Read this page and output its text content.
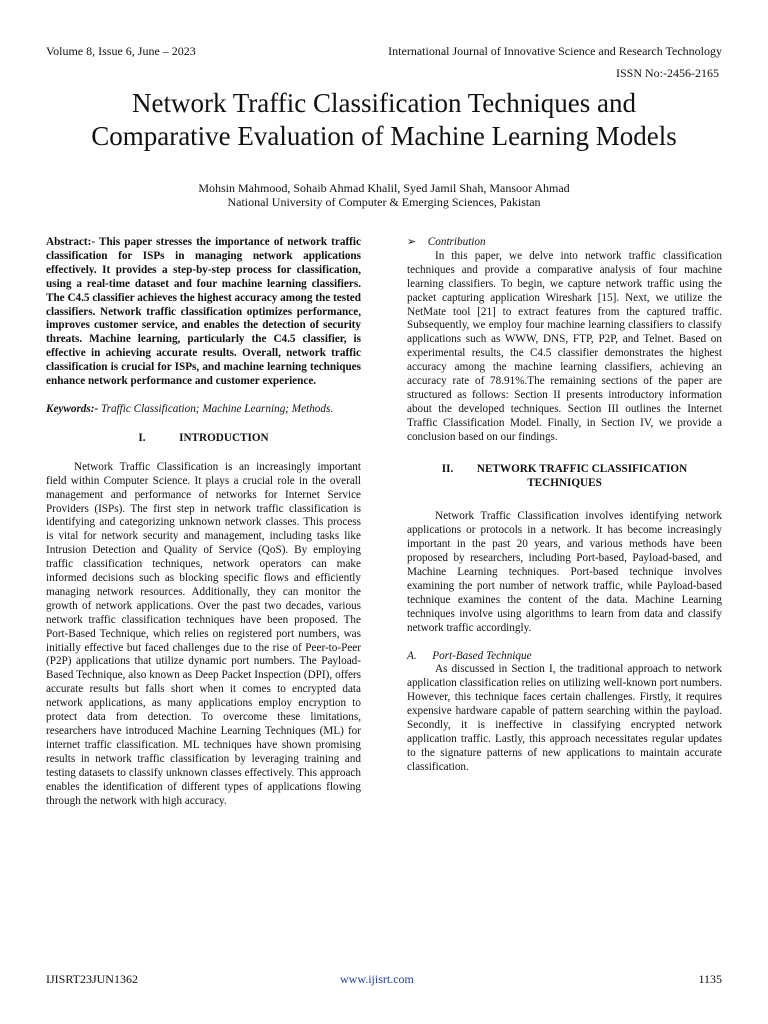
Volume 8, Issue 6, June – 2023	International Journal of Innovative Science and Research Technology
ISSN No:-2456-2165
Network Traffic Classification Techniques and
Comparative Evaluation of Machine Learning Models
Mohsin Mahmood, Sohaib Ahmad Khalil, Syed Jamil Shah, Mansoor Ahmad
National University of Computer & Emerging Sciences, Pakistan

Abstract:- This paper stresses the importance of network traffic classification for ISPs in managing network applications effectively. It provides a step-by-step process for classification, using a real-time dataset and four machine learning classifiers. The C4.5 classifier achieves the highest accuracy among the tested classifiers. Network traffic classification optimizes performance, improves customer service, and enables the detection of security threats. Machine learning, particularly the C4.5 classifier, is effective in achieving accurate results. Overall, network traffic classification is crucial for ISPs, and machine learning techniques enhance network performance and customer experience.

Keywords:- Traffic Classification; Machine Learning; Methods.

I.	INTRODUCTION

Network Traffic Classification is an increasingly important field within Computer Science. It plays a crucial role in the overall management and performance of networks for Internet Service Providers (ISPs). The first step in network traffic classification is identifying and categorizing unknown network classes. This process is vital for network security and management, including tasks like Intrusion Detection and Quality of Service (QoS). By employing traffic classification techniques, network operators can make informed decisions such as blocking specific flows and efficiently managing network resources. Additionally, they can monitor the growth of network applications. Over the past two decades, various network traffic classification techniques have been proposed. The Port-Based Technique, which relies on registered port numbers, was initially effective but faced challenges due to the rise of Peer-to-Peer (P2P) applications that utilize dynamic port numbers. The Payload-Based Technique, also known as Deep Packet Inspection (DPI), offers accurate results but falls short when it comes to encrypted data network applications, as many applications employ encryption to protect data from detection. To overcome these limitations, researchers have introduced Machine Learning Techniques (ML) for internet traffic classification. ML techniques have shown promising results in network traffic classification by leveraging training and testing datasets to classify unknown classes effectively. This approach enables the identification of different types of applications flowing through the network with high accuracy.

➢ Contribution

In this paper, we delve into network traffic classification techniques and provide a comparative analysis of four machine learning classifiers. To begin, we capture network traffic using the packet capturing application Wireshark [15]. Next, we utilize the NetMate tool [21] to extract features from the captured traffic. Subsequently, we employ four machine learning classifiers to classify applications such as WWW, DNS, FTP, P2P, and Telnet. Based on experimental results, the C4.5 classifier demonstrates the highest accuracy among the machine learning classifiers, achieving an accuracy rate of 78.91%.The remaining sections of the paper are structured as follows: Section II presents introductory information about the developed techniques. Section III outlines the Internet Traffic Classification Model. Finally, in Section IV, we provide a conclusion based on our findings.

II. NETWORK TRAFFIC CLASSIFICATION
TECHNIQUES

Network Traffic Classification involves identifying network applications or protocols in a network. It has become increasingly important in the past 20 years, and various methods have been proposed by researchers, including Port-based, Payload-based, and Machine Learning techniques. Port-based technique involves examining the port number of network traffic, while Payload-based technique examines the content of the data. Machine Learning techniques involve using algorithms to learn from data and classify network traffic accordingly.

A. Port-Based Technique

As discussed in Section I, the traditional approach to network application classification relies on utilizing well-known port numbers. However, this technique faces certain challenges. Firstly, it requires expensive hardware capable of pattern searching within the payload. Secondly, it is ineffective in classifying encrypted network application traffic. Lastly, this approach necessitates regular updates to the signature patterns of new applications to maintain accurate classification.

IJISRT23JUN1362	www.ijisrt.com	1135
